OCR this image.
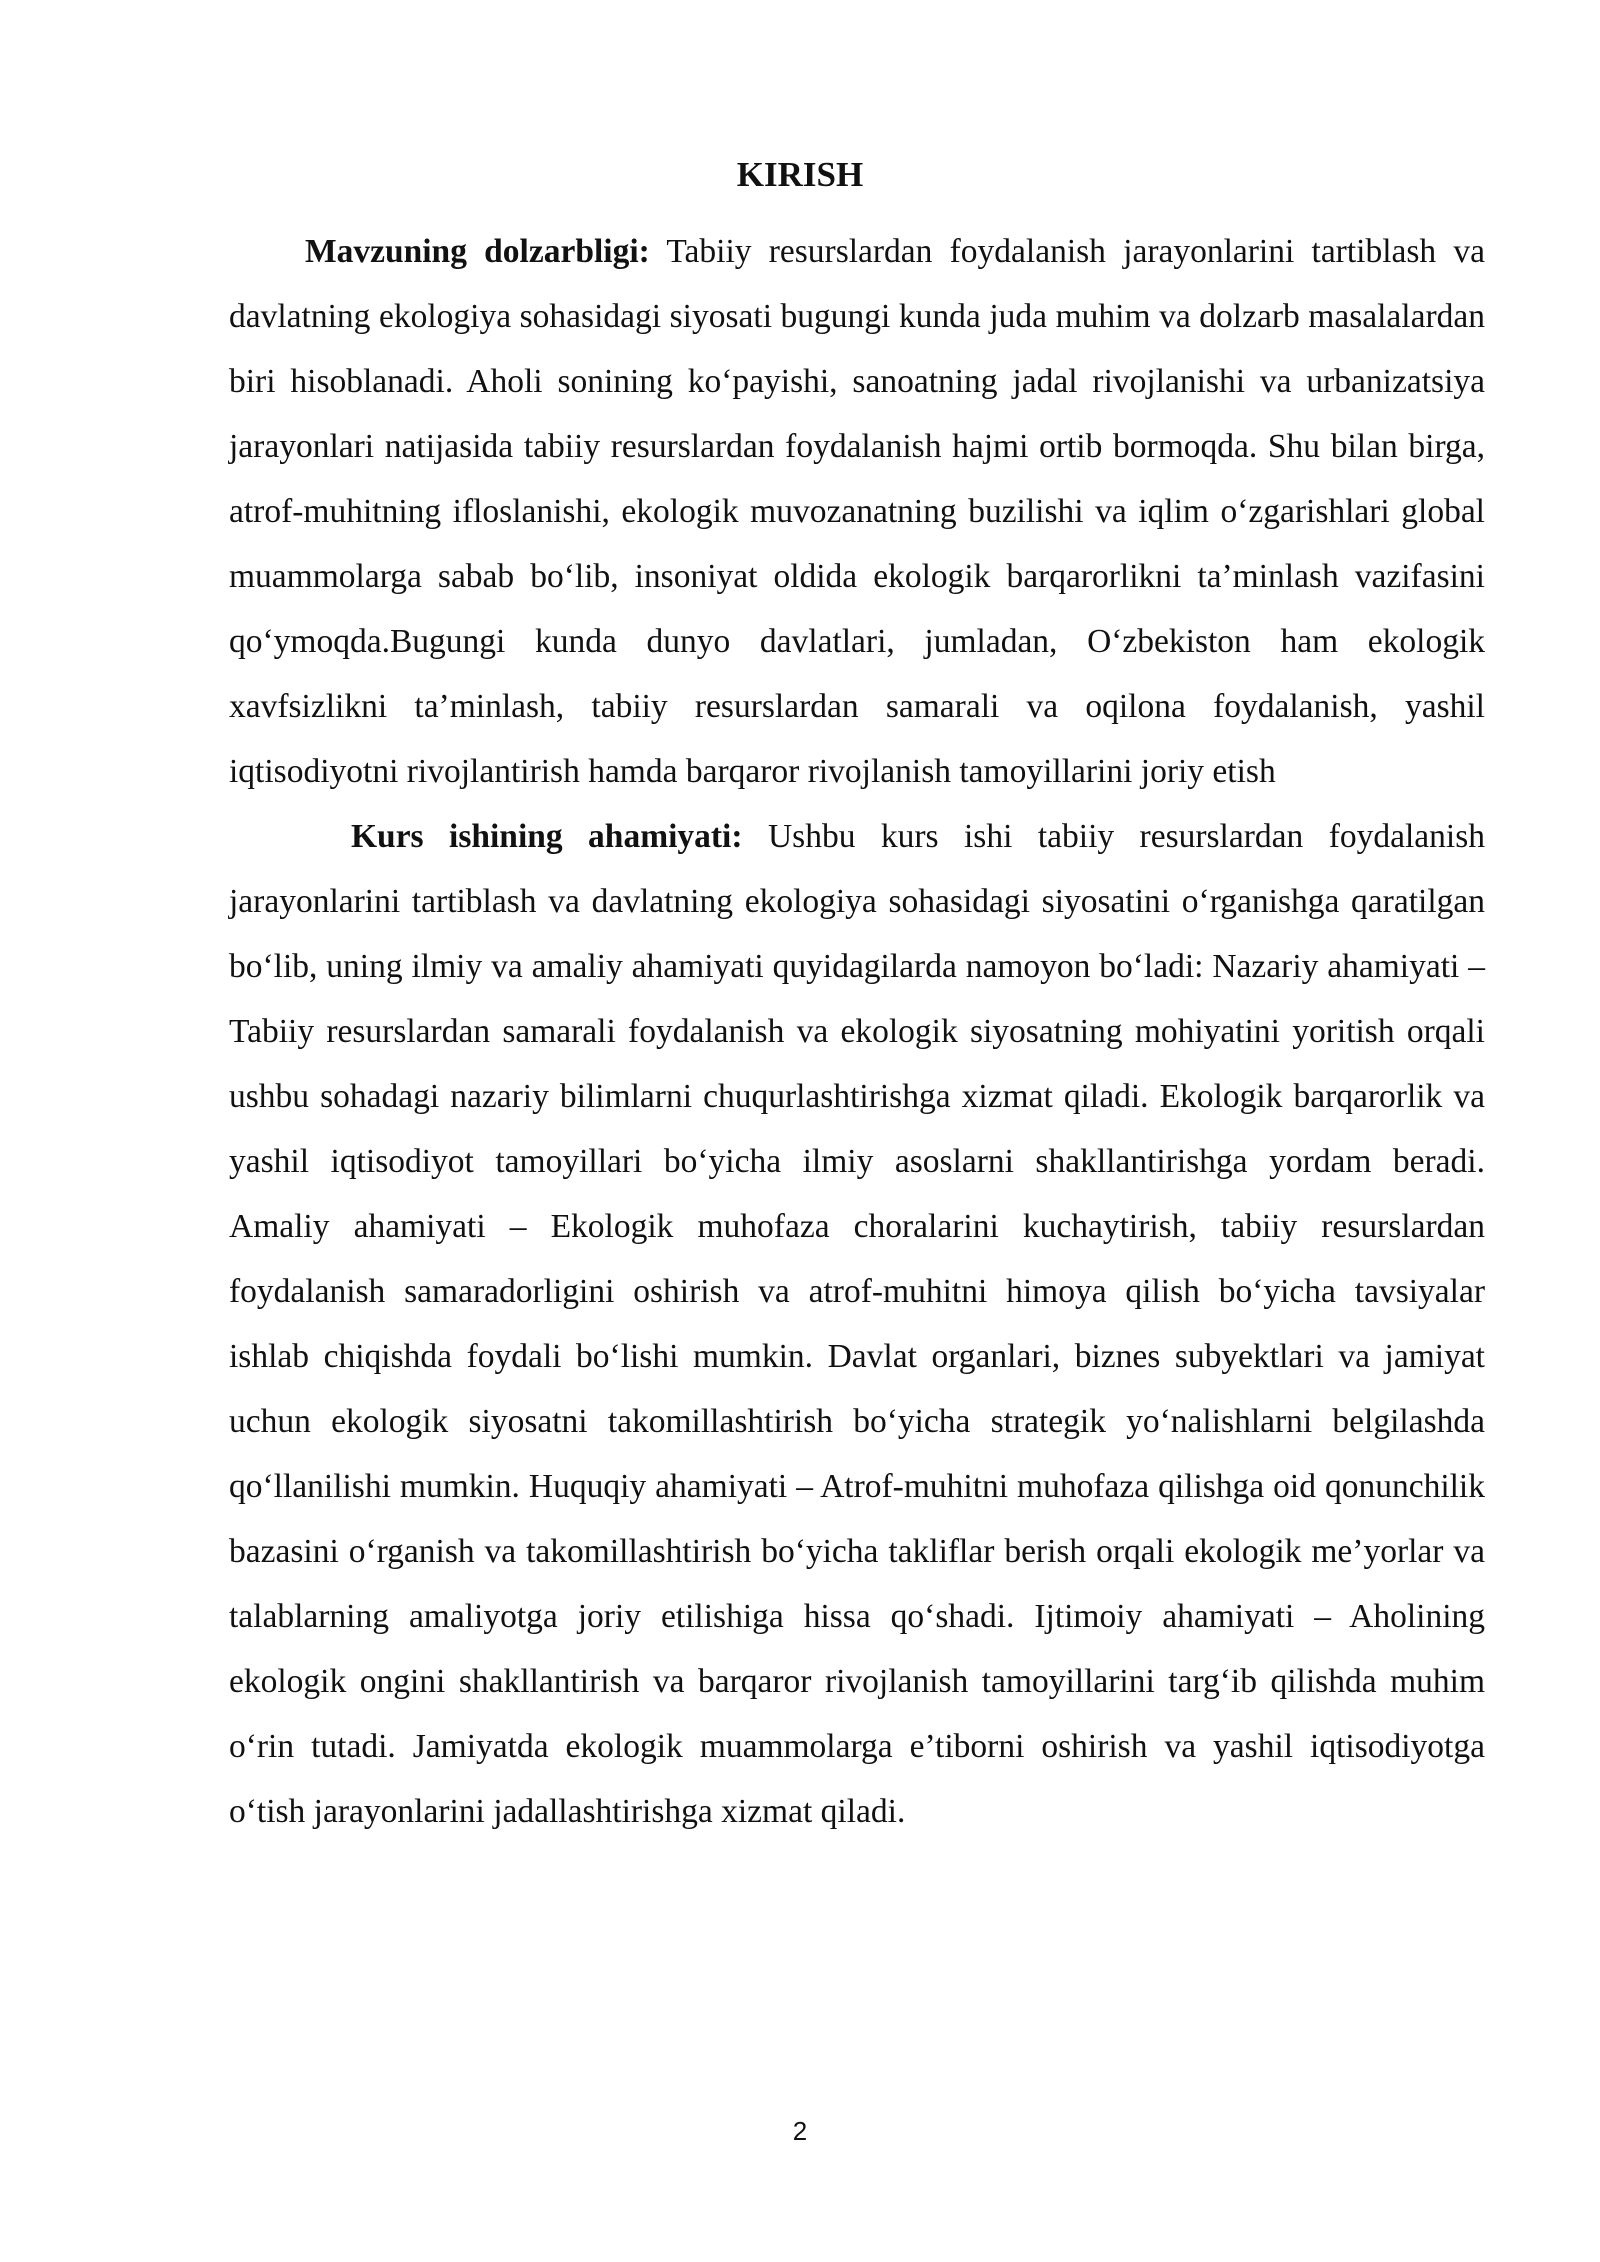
KIRISH

Mavzuning dolzarbligi: Tabiiy resurslardan foydalanish jarayonlarini tartiblash va davlatning ekologiya sohasidagi siyosati bugungi kunda juda muhim va dolzarb masalalardan biri hisoblanadi. Aholi sonining ko‘payishi, sanoatning jadal rivojlanishi va urbanizatsiya jarayonlari natijasida tabiiy resurslardan foydalanish hajmi ortib bormoqda. Shu bilan birga, atrof-muhitning ifloslanishi, ekologik muvozanatning buzilishi va iqlim o‘zgarishlari global muammolarga sabab bo‘lib, insoniyat oldida ekologik barqarorlikni ta’minlash vazifasini qo‘ymoqda.Bugungi kunda dunyo davlatlari, jumladan, O‘zbekiston ham ekologik xavfsizlikni ta’minlash, tabiiy resurslardan samarali va oqilona foydalanish, yashil iqtisodiyotni rivojlantirish hamda barqaror rivojlanish tamoyillarini joriy etish

Kurs ishining ahamiyati: Ushbu kurs ishi tabiiy resurslardan foydalanish jarayonlarini tartiblash va davlatning ekologiya sohasidagi siyosatini o‘rganishga qaratilgan bo‘lib, uning ilmiy va amaliy ahamiyati quyidagilarda namoyon bo‘ladi: Nazariy ahamiyati – Tabiiy resurslardan samarali foydalanish va ekologik siyosatning mohiyatini yoritish orqali ushbu sohadagi nazariy bilimlarni chuqurlashtirishga xizmat qiladi. Ekologik barqarorlik va yashil iqtisodiyot tamoyillari bo‘yicha ilmiy asoslarni shakllantirishga yordam beradi. Amaliy ahamiyati – Ekologik muhofaza choralarini kuchaytirish, tabiiy resurslardan foydalanish samaradorligini oshirish va atrof-muhitni himoya qilish bo‘yicha tavsiyalar ishlab chiqishda foydali bo‘lishi mumkin. Davlat organlari, biznes subyektlari va jamiyat uchun ekologik siyosatni takomillashtirish bo‘yicha strategik yo‘nalishlarni belgilashda qo‘llanilishi mumkin. Huquqiy ahamiyati – Atrof-muhitni muhofaza qilishga oid qonunchilik bazasini o‘rganish va takomillashtirish bo‘yicha takliflar berish orqali ekologik me’yorlar va talablarning amaliyotga joriy etilishiga hissa qo‘shadi. Ijtimoiy ahamiyati – Aholining ekologik ongini shakllantirish va barqaror rivojlanish tamoyillarini targ‘ib qilishda muhim o‘rin tutadi. Jamiyatda ekologik muammolarga e’tiborni oshirish va yashil iqtisodiyotga o‘tish jarayonlarini jadallashtirishga xizmat qiladi.

2
